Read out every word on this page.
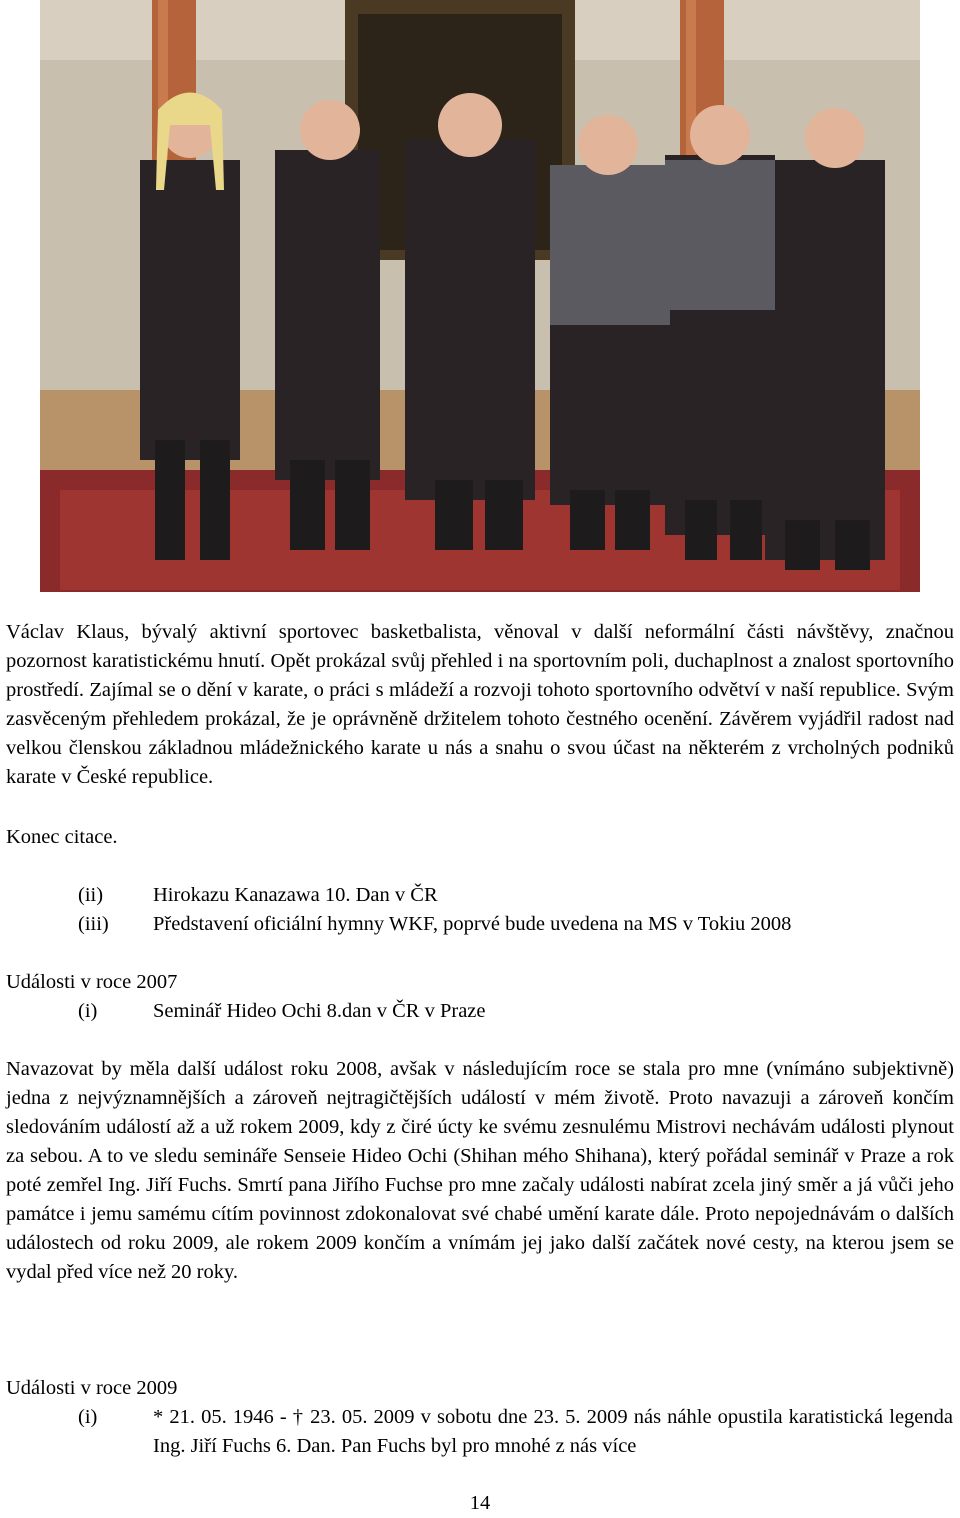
Václav Klaus, bývalý aktivní sportovec basketbalista, věnoval v další neformální části návštěvy, značnou pozornost karatistickému hnutí. Opět prokázal svůj přehled i na sportovním poli, duchaplnost a znalost sportovního prostředí. Zajímal se o dění v karate, o práci s mládeží a rozvoji tohoto sportovního odvětví v naší republice. Svým zasvěceným přehledem prokázal, že je oprávněně držitelem tohoto čestného ocenění. Závěrem vyjádřil radost nad velkou členskou základnou mládežnického karate u nás a snahu o svou účast na některém z vrcholných podniků karate v České republice.

Konec citace.
(ii) Hirokazu Kanazawa 10. Dan v ČR
(iii) Představení oficiální hymny WKF, poprvé bude uvedena na MS v Tokiu 2008
Události v roce 2007
(i)	Seminář Hideo Ochi 8.dan v ČR v Praze

Navazovat by měla další událost roku 2008, avšak v následujícím roce se stala pro mne (vnímáno subjektivně) jedna z nejvýznamnějších a zároveň nejtragičtějších událostí v mém životě. Proto navazuji a zároveň končím sledováním událostí až a už rokem 2009, kdy z čiré úcty ke svému zesnulému Mistrovi nechávám události plynout za sebou. A to ve sledu semináře Senseie Hideo Ochi (Shihan mého Shihana), který pořádal seminář v Praze a rok poté zemřel Ing. Jiří Fuchs. Smrtí pana Jiřího Fuchse pro mne začaly události nabírat zcela jiný směr a já vůči jeho památce i jemu samému cítím povinnost zdokonalovat své chabé umění karate dále. Proto nepojednávám o dalších událostech od roku 2009, ale rokem 2009 končím a vnímám jej jako další začátek nové cesty, na kterou jsem se vydal před více než 20 roky.

Události v roce 2009
(i)	* 21. 05. 1946 - † 23. 05. 2009 v sobotu dne 23. 5. 2009 nás náhle opustila karatistická legenda Ing. Jiří Fuchs 6. Dan. Pan Fuchs byl pro mnohé z nás více
14
